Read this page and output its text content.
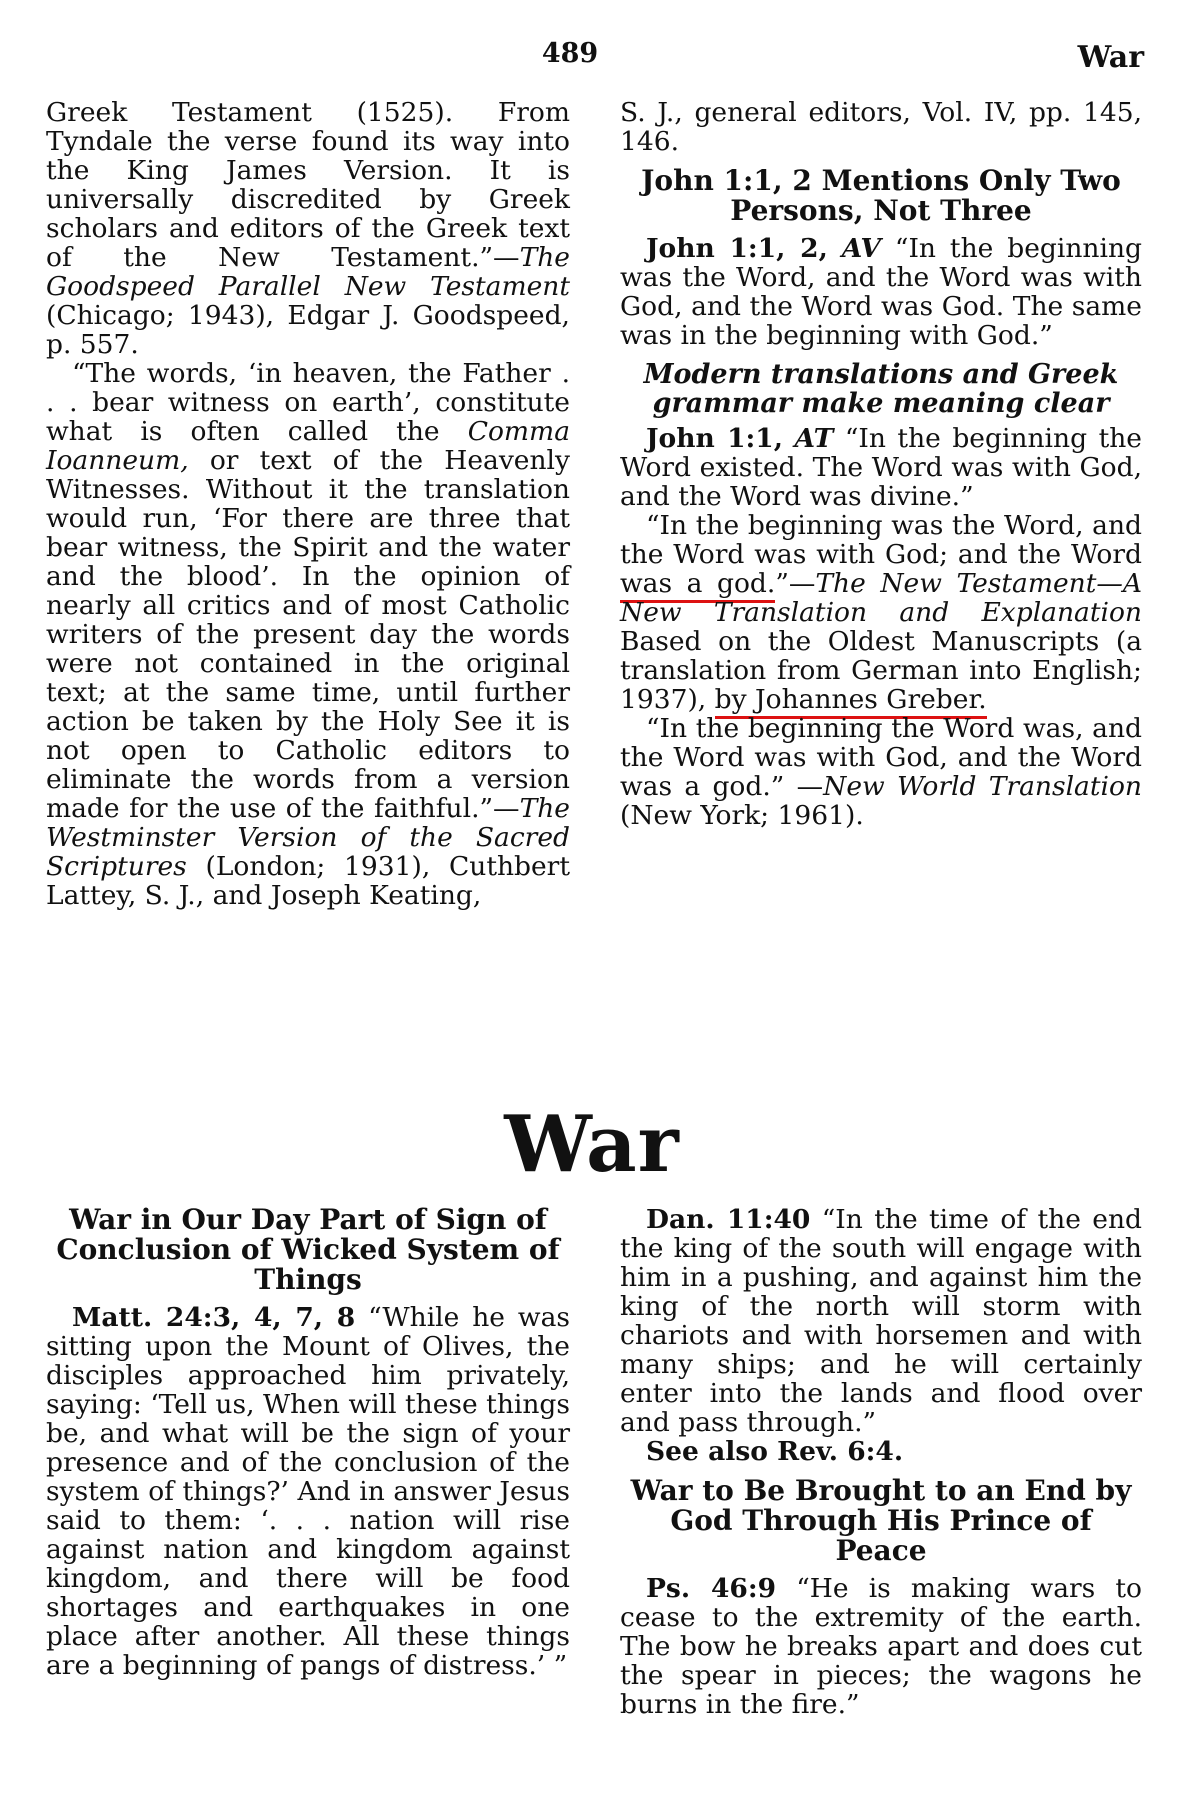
489	War

Greek Testament (1525). From Tyndale the verse found its way into the King James Version. It is universally discredited by Greek scholars and editors of the Greek text of the New Testament.”—The Goodspeed Parallel New Testament (Chicago; 1943), Edgar J. Goodspeed, p. 557.

“The words, ‘in heaven, the Father . . . bear witness on earth’, constitute what is often called the Comma Ioanneum, or text of the Heavenly Witnesses. Without it the translation would run, ‘For there are three that bear witness, the Spirit and the water and the blood’. In the opinion of nearly all critics and of most Catholic writers of the present day the words were not contained in the original text; at the same time, until further action be taken by the Holy See it is not open to Catholic editors to eliminate the words from a version made for the use of the faithful.”—The Westminster Version of the Sacred Scriptures (London; 1931), Cuthbert Lattey, S. J., and Joseph Keating,

S. J., general editors, Vol. IV, pp. 145, 146.

John 1:1, 2 Mentions Only Two Persons, Not Three

John 1:1, 2, AV “In the beginning was the Word, and the Word was with God, and the Word was God. The same was in the beginning with God.”

Modern translations and Greek grammar make meaning clear

John 1:1, AT “In the beginning the Word existed. The Word was with God, and the Word was divine.”

“In the beginning was the Word, and the Word was with God; and the Word was a god.”—The New Testament—A New Translation and Explanation Based on the Oldest Manuscripts (a translation from German into English; 1937), by Johannes Greber.

“In the beginning the Word was, and the Word was with God, and the Word was a god.” —New World Translation (New York; 1961).

War
War in Our Day Part of Sign of Conclusion of Wicked System of Things

Matt. 24:3, 4, 7, 8 “While he was sitting upon the Mount of Olives, the disciples approached him privately, saying: ‘Tell us, When will these things be, and what will be the sign of your presence and of the conclusion of the system of things?’ And in answer Jesus said to them: ‘. . . nation will rise against nation and kingdom against kingdom, and there will be food shortages and earthquakes in one place after another. All these things are a beginning of pangs of distress.’ ”

Dan. 11:40 “In the time of the end the king of the south will engage with him in a pushing, and against him the king of the north will storm with chariots and with horsemen and with many ships; and he will certainly enter into the lands and flood over and pass through.”

See also Rev. 6:4.

War to Be Brought to an End by God Through His Prince of Peace

Ps. 46:9 “He is making wars to cease to the extremity of the earth. The bow he breaks apart and does cut the spear in pieces; the wagons he burns in the fire.”
